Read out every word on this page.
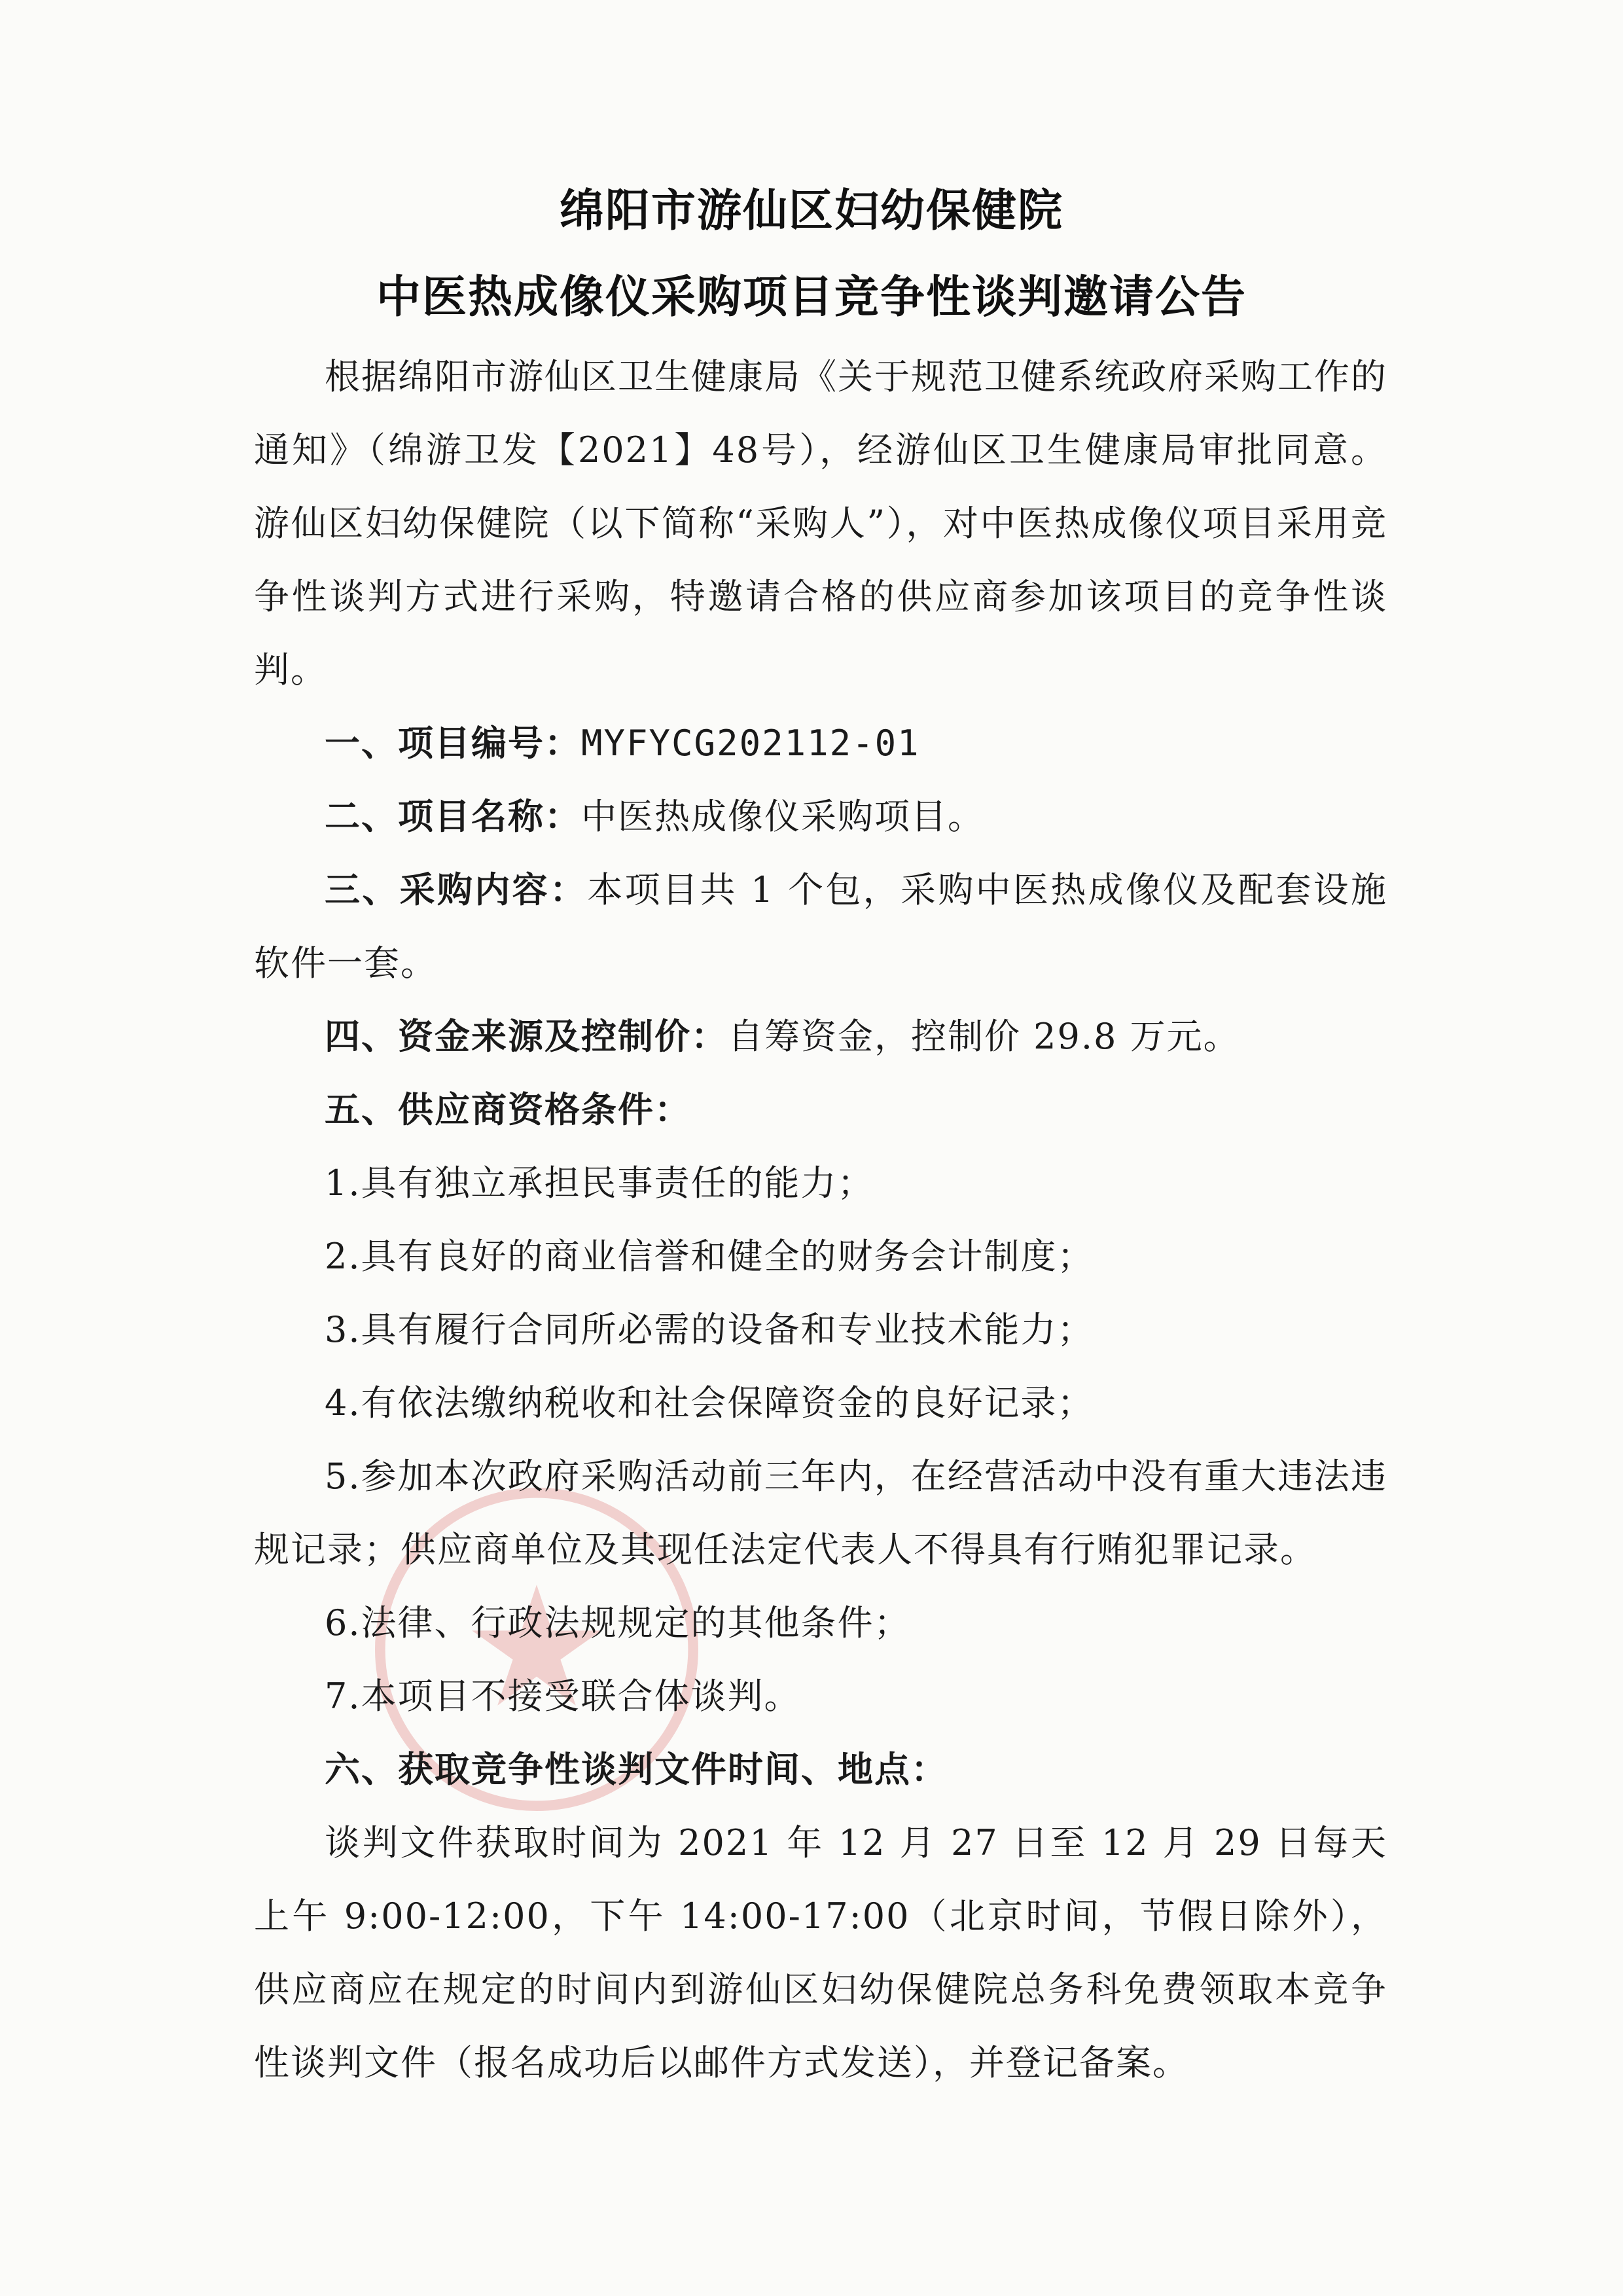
绵阳市游仙区妇幼保健院
中医热成像仪采购项目竞争性谈判邀请公告

根据绵阳市游仙区卫生健康局《关于规范卫健系统政府采购工作的通知》（绵游卫发【2021】48号），经游仙区卫生健康局审批同意。游仙区妇幼保健院（以下简称“采购人”），对中医热成像仪项目采用竞争性谈判方式进行采购，特邀请合格的供应商参加该项目的竞争性谈判。

一、项目编号：MYFYCG202112-01

二、项目名称：中医热成像仪采购项目。

三、采购内容：本项目共 1 个包，采购中医热成像仪及配套设施软件一套。

四、资金来源及控制价：自筹资金，控制价 29.8 万元。

五、供应商资格条件：

1.具有独立承担民事责任的能力；

2.具有良好的商业信誉和健全的财务会计制度；

3.具有履行合同所必需的设备和专业技术能力；

4.有依法缴纳税收和社会保障资金的良好记录；

5.参加本次政府采购活动前三年内，在经营活动中没有重大违法违规记录；供应商单位及其现任法定代表人不得具有行贿犯罪记录。

6.法律、行政法规规定的其他条件；

7.本项目不接受联合体谈判。

六、获取竞争性谈判文件时间、地点：

谈判文件获取时间为 2021 年 12 月 27 日至 12 月 29 日每天上午 9:00-12:00，下午 14:00-17:00（北京时间，节假日除外），供应商应在规定的时间内到游仙区妇幼保健院总务科免费领取本竞争性谈判文件（报名成功后以邮件方式发送），并登记备案。
